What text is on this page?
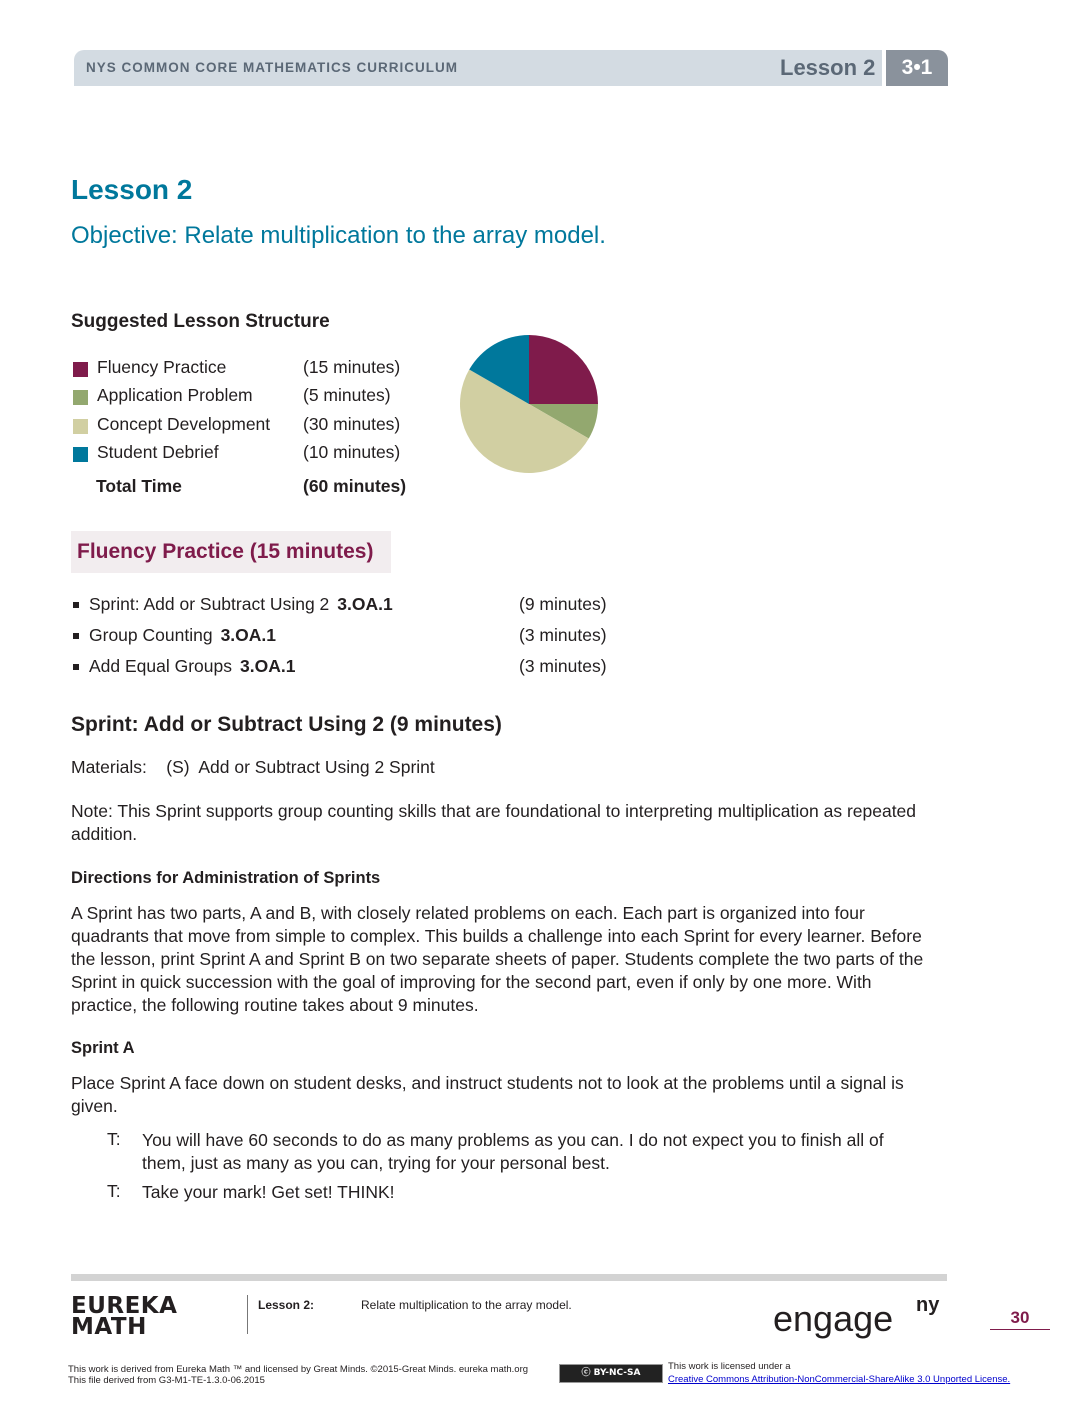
NYS COMMON CORE MATHEMATICS CURRICULUM	Lesson 2	3•1
Lesson 2
Objective: Relate multiplication to the array model.
Suggested Lesson Structure
Fluency Practice	(15 minutes)
Application Problem	(5 minutes)
Concept Development (30 minutes)
Student Debrief	(10 minutes)
Total Time	(60 minutes)
Fluency Practice (15 minutes)
Sprint: Add or Subtract Using 2 3.OA.1	(9 minutes)
Group Counting 3.OA.1	(3 minutes)
Add Equal Groups 3.OA.1	(3 minutes)
Sprint: Add or Subtract Using 2 (9 minutes)
Materials:    (S)  Add or Subtract Using 2 Sprint
Note: This Sprint supports group counting skills that are foundational to interpreting multiplication as repeated addition.
Directions for Administration of Sprints
A Sprint has two parts, A and B, with closely related problems on each. Each part is organized into four quadrants that move from simple to complex. This builds a challenge into each Sprint for every learner. Before the lesson, print Sprint A and Sprint B on two separate sheets of paper. Students complete the two parts of the Sprint in quick succession with the goal of improving for the second part, even if only by one more. With practice, the following routine takes about 9 minutes.
Sprint A
Place Sprint A face down on student desks, and instruct students not to look at the problems until a signal is given.
T: You will have 60 seconds to do as many problems as you can. I do not expect you to finish all of them, just as many as you can, trying for your personal best.
T: Take your mark! Get set! THINK!
EUREKA
MATH
Lesson 2:	Relate multiplication to the array model.	engage ny
30
This work is derived from Eureka Math ™ and licensed by Great Minds. ©2015-Great Minds. eureka math.org
This file derived from G3-M1-TE-1.3.0-06.2015
ⓒ BY-NC-SA
This work is licensed under a
Creative Commons Attribution-NonCommercial-ShareAlike 3.0 Unported License.
